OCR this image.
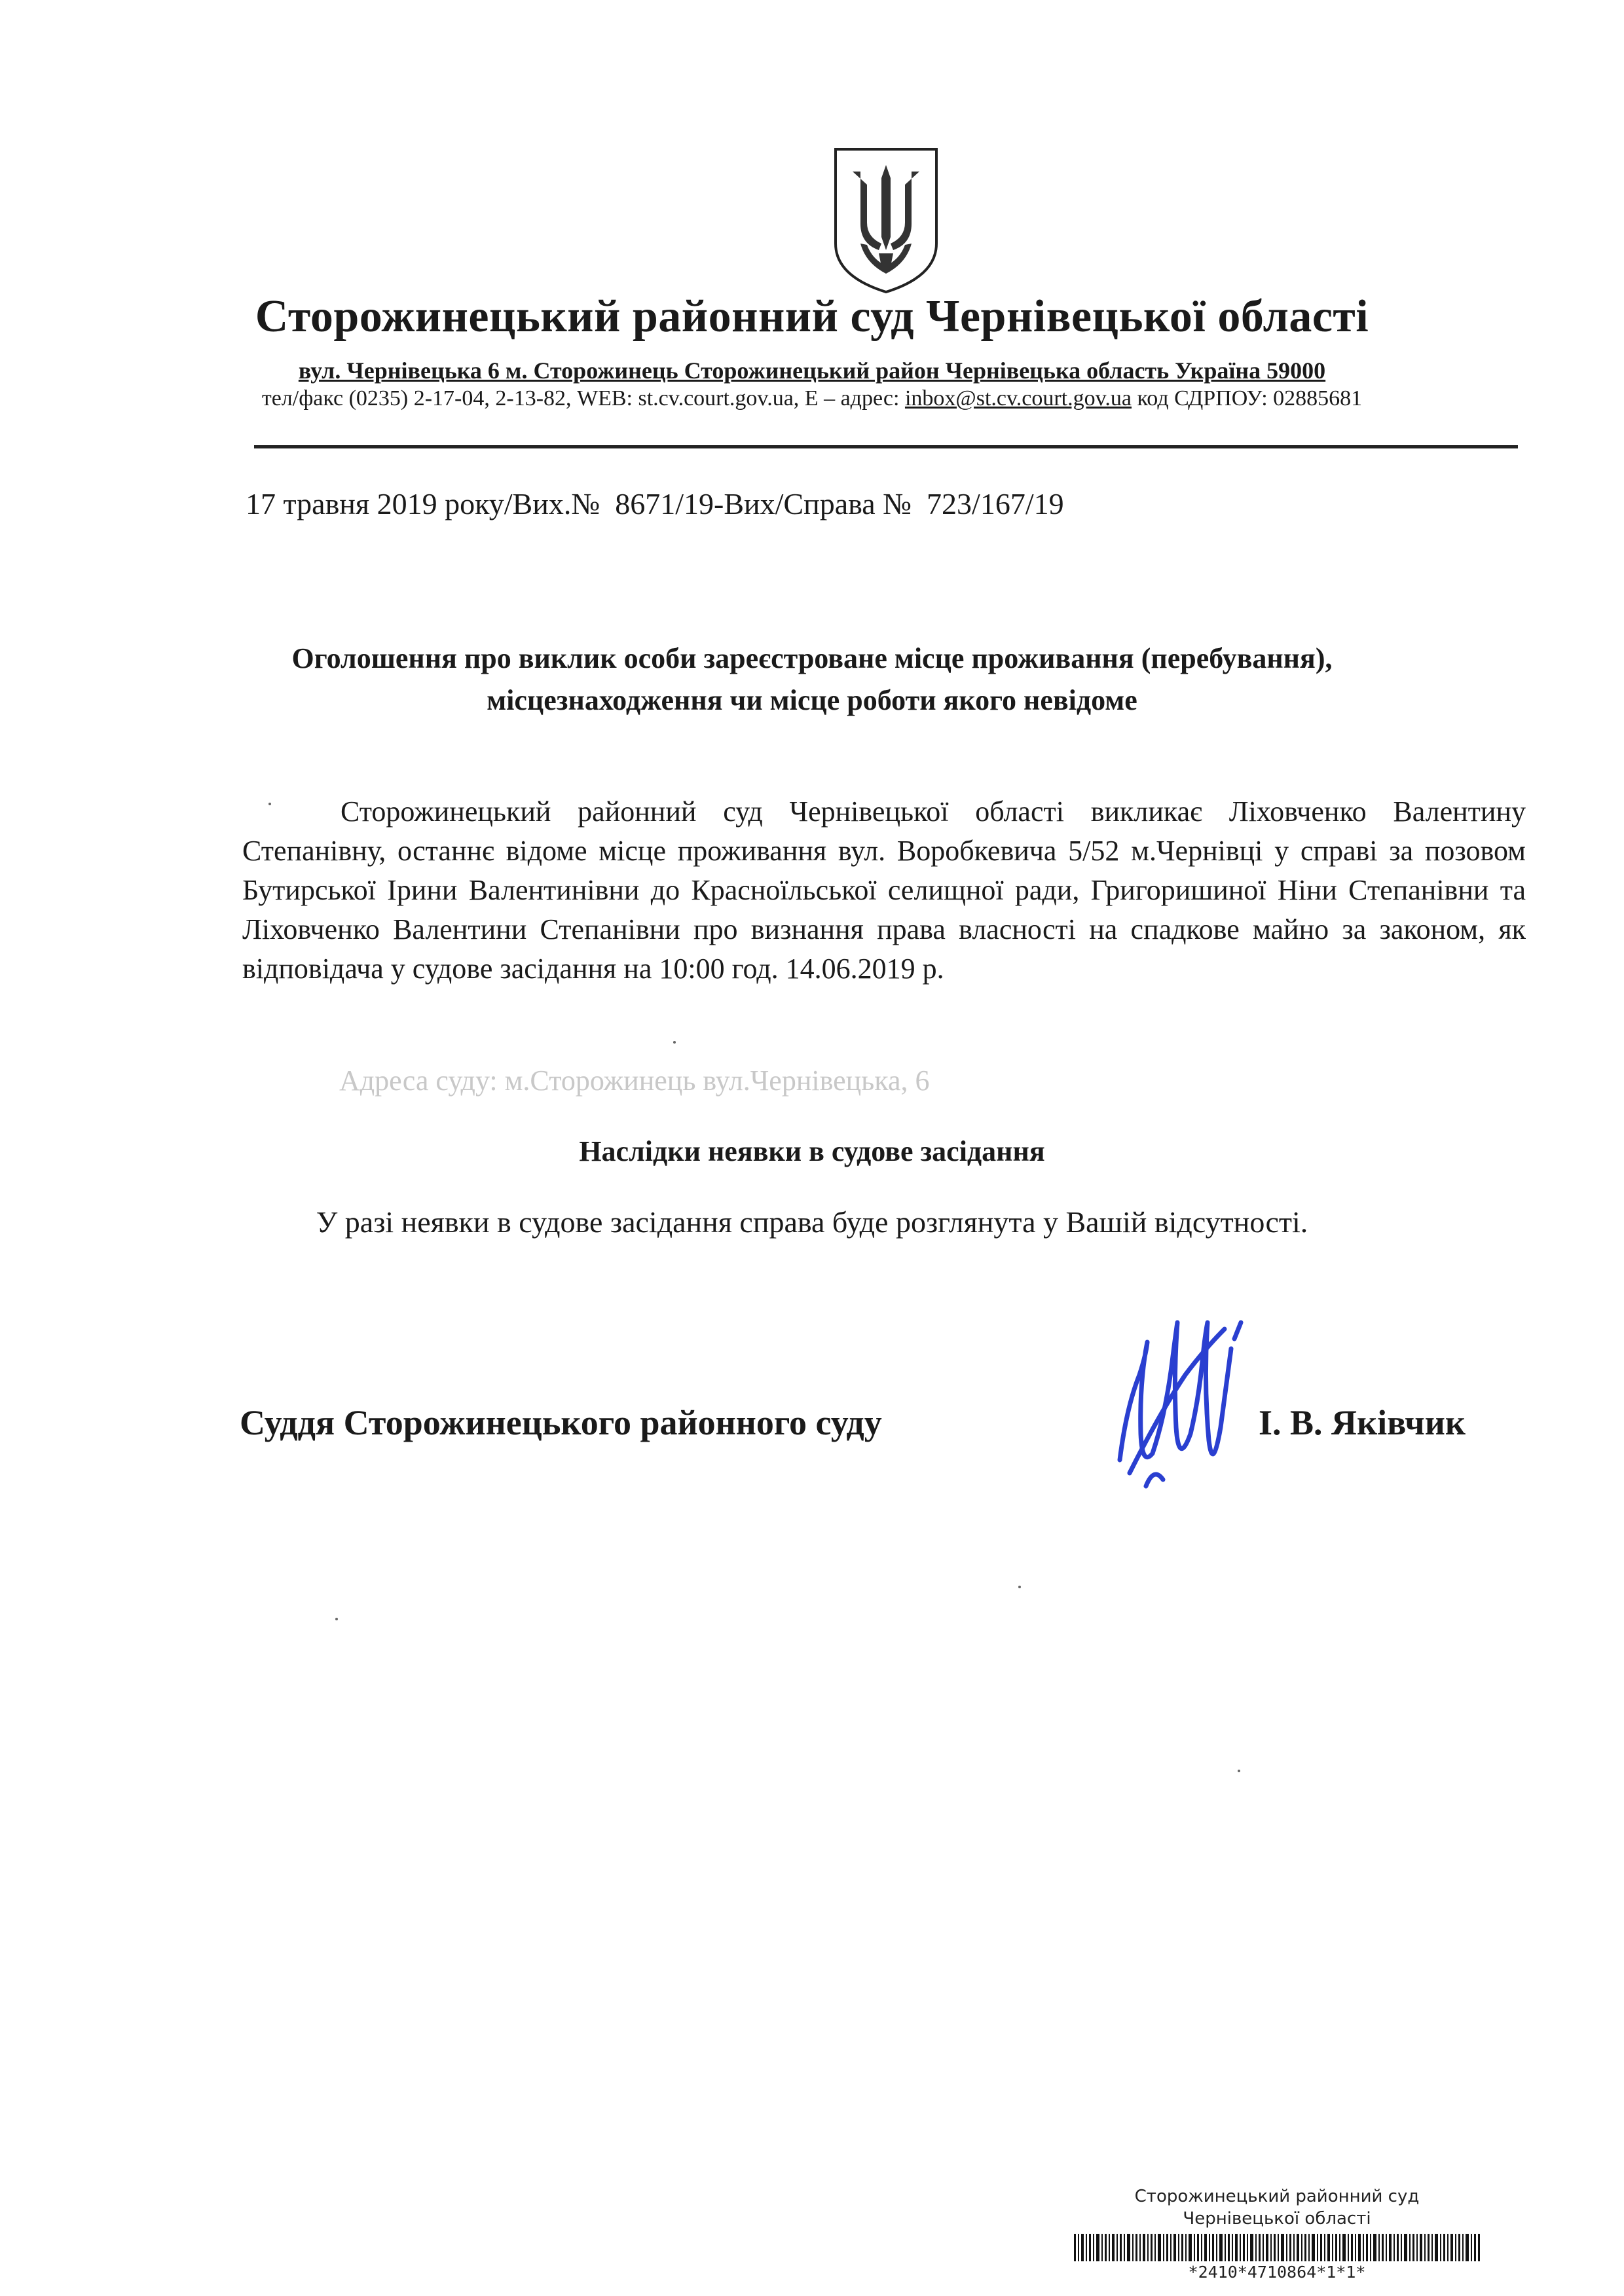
Сторожинецький районний суд Чернівецької області
вул. Чернівецька 6 м. Сторожинець Сторожинецький район Чернівецька область Україна 59000
тел/факс (0235) 2-17-04, 2-13-82, WEB: st.cv.court.gov.ua, E – адрес: inbox@st.cv.court.gov.ua код СДРПОУ: 02885681
17 травня 2019 року/Вих.№  8671/19-Вих/Справа №  723/167/19
Оголошення про виклик особи зареєстроване місце проживання (перебування),
місцезнаходження чи місце роботи якого невідоме
Сторожинецький районний суд Чернівецької області викликає Ліховченко Валентину Степанівну, останнє відоме місце проживання вул. Воробкевича 5/52 м.Чернівці у справі за позовом Бутирської Ірини Валентинівни до Красноїльської селищної ради, Григоришиної Ніни Степанівни та Ліховченко Валентини Степанівни про визнання права власності на спадкове майно за законом, як відповідача у судове засідання на 10:00 год. 14.06.2019 р.
Адреса суду: м.Сторожинець вул.Чернівецька, 6
Наслідки неявки в судове засідання
У разі неявки в судове засідання справа буде розглянута у Вашій відсутності.
Суддя Сторожинецького районного суду	І. В. Яківчик
Сторожинецький районний суд
Чернівецької області
*2410*4710864*1*1*
